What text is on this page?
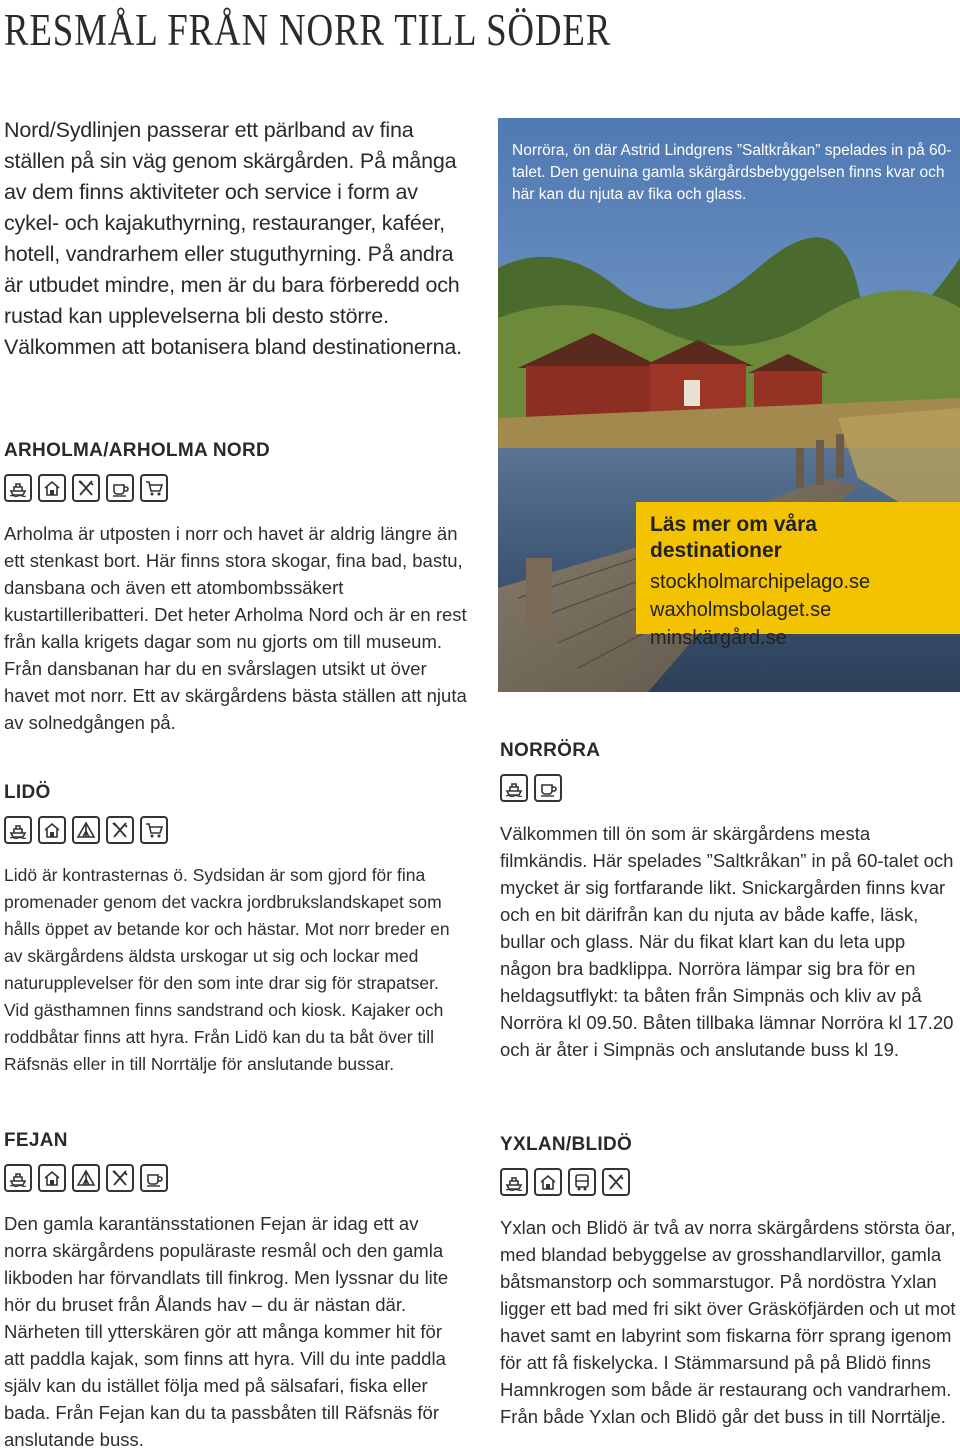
RESMÅL FRÅN NORR TILL SÖDER
Nord/Sydlinjen passerar ett pärlband av fina ställen på sin väg genom skärgården. På många av dem finns aktiviteter och service i form av cykel- och kajakuthyrning, restauranger, kaféer, hotell, vandrarhem eller stuguthyrning. På andra är utbudet mindre, men är du bara förberedd och rustad kan upplevelserna bli desto större. Välkommen att botanisera bland destinationerna.
Norröra, ön där Astrid Lindgrens ”Saltkråkan” spelades in på 60-talet. Den genuina gamla skärgårdsbebyggelsen finns kvar och här kan du njuta av fika och glass.
Läs mer om våra destinationer
stockholmarchipelago.se
waxholmsbolaget.se
minskärgård.se
ARHOLMA/ARHOLMA NORD
Arholma är utposten i norr och havet är aldrig längre än ett stenkast bort. Här finns stora skogar, fina bad, bastu, dansbana och även ett atombombssäkert kustartilleribatteri. Det heter Arholma Nord och är en rest från kalla krigets dagar som nu gjorts om till museum. Från dansbanan har du en svårslagen utsikt ut över havet mot norr. Ett av skärgårdens bästa ställen att njuta av solnedgången på.
LIDÖ
Lidö är kontrasternas ö. Sydsidan är som gjord för fina promenader genom det vackra jordbrukslandskapet som hålls öppet av betande kor och hästar. Mot norr breder en av skärgårdens äldsta urskogar ut sig och lockar med naturupplevelser för den som inte drar sig för strapatser. Vid gästhamnen finns sandstrand och kiosk. Kajaker och roddbåtar finns att hyra. Från Lidö kan du ta båt över till Räfsnäs eller in till Norrtälje för anslutande bussar.
FEJAN
Den gamla karantänsstationen Fejan är idag ett av norra skärgårdens populäraste resmål och den gamla likboden har förvandlats till finkrog. Men lyssnar du lite hör du bruset från Ålands hav – du är nästan där. Närheten till ytterskären gör att många kommer hit för att paddla kajak, som finns att hyra. Vill du inte paddla själv kan du istället följa med på sälsafari, fiska eller bada. Från Fejan kan du ta passbåten till Räfsnäs för anslutande buss.
NORRÖRA
Välkommen till ön som är skärgårdens mesta filmkändis. Här spelades ”Saltkråkan” in på 60-talet och mycket är sig fortfarande likt. Snickargården finns kvar och en bit därifrån kan du njuta av både kaffe, läsk, bullar och glass. När du fikat klart kan du leta upp någon bra badklippa. Norröra lämpar sig bra för en heldagsutflykt: ta båten från Simpnäs och kliv av på Norröra kl 09.50. Båten tillbaka lämnar Norröra kl 17.20 och är åter i Simpnäs och anslutande buss kl 19.
YXLAN/BLIDÖ
Yxlan och Blidö är två av norra skärgårdens största öar, med blandad bebyggelse av grosshandlarvillor, gamla båtsmanstorp och sommarstugor. På nordöstra Yxlan ligger ett bad med fri sikt över Gräsköfjärden och ut mot havet samt en labyrint som fiskarna förr sprang igenom för att få fiskelycka. I Stämmarsund på på Blidö finns Hamnkrogen som både är restaurang och vandrarhem. Från både Yxlan och Blidö går det buss in till Norrtälje.
